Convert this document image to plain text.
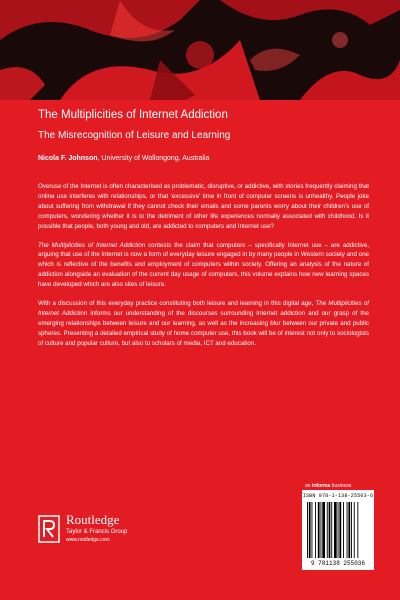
The Multiplicities of Internet Addiction
The Misrecognition of Leisure and Learning
Nicola F. Johnson, University of Wollongong, Australia

Overuse of the Internet is often characterised as problematic, disruptive, or addictive, with stories frequently claiming that online use interferes with relationships, or that ‘excessive’ time in front of computer screens is unhealthy. People joke about suffering from withdrawal if they cannot check their emails and some parents worry about their children’s use of computers, wondering whether it is to the detriment of other life experiences normally associated with childhood. Is it possible that people, both young and old, are addicted to computers and Internet use?

The Multiplicities of Internet Addiction contests the claim that computers – specifically Internet use – are addictive, arguing that use of the Internet is now a form of everyday leisure engaged in by many people in Western society and one which is reflective of the benefits and employment of computers within society. Offering an analysis of the nature of addiction alongside an evaluation of the current day usage of computers, this volume explains how new learning spaces have developed which are also sites of leisure.

With a discussion of this everyday practice constituting both leisure and learning in this digital age, The Multiplicities of Internet Addiction informs our understanding of the discourses surrounding Internet addiction and our grasp of the emerging relationships between leisure and our learning, as well as the increasing blur between our private and public spheres. Presenting a detailed empirical study of home computer use, this book will be of interest not only to sociologists of culture and popular culture, but also to scholars of media, ICT and education.

an informa business
ISBN 978-1-138-25503-6
9 781138 255036
Routledge
Taylor & Francis Group
www.routledge.com
